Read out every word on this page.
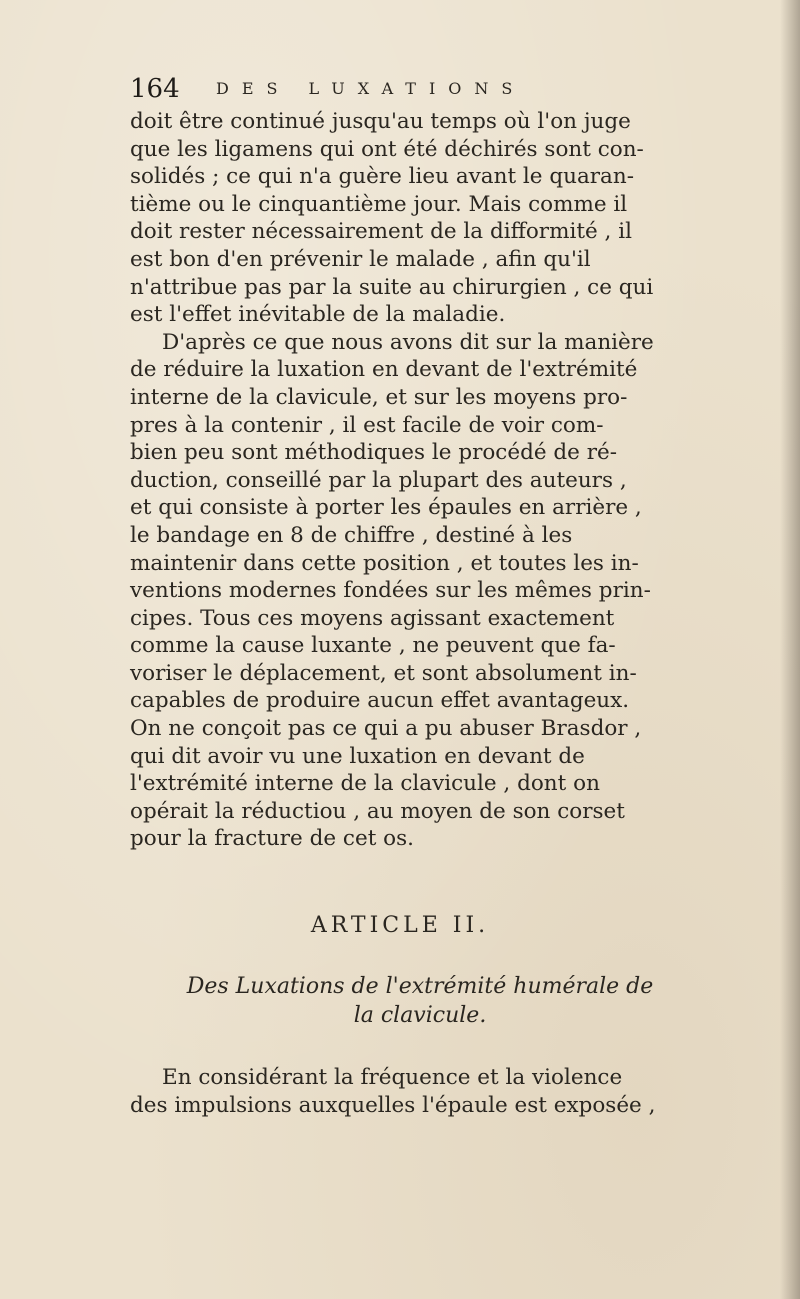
164 DES LUXATIONS
doit être continué jusqu'au temps où l'on juge
que les ligamens qui ont été déchirés sont con-
solidés ; ce qui n'a guère lieu avant le quaran-
tième ou le cinquantième jour. Mais comme il
doit rester nécessairement de la difformité , il
est bon d'en prévenir le malade , afin qu'il
n'attribue pas par la suite au chirurgien , ce qui
est l'effet inévitable de la maladie.
D'après ce que nous avons dit sur la manière
de réduire la luxation en devant de l'extrémité
interne de la clavicule, et sur les moyens pro-
pres à la contenir , il est facile de voir com-
bien peu sont méthodiques le procédé de ré-
duction, conseillé par la plupart des auteurs ,
et qui consiste à porter les épaules en arrière ,
le bandage en 8 de chiffre , destiné à les
maintenir dans cette position , et toutes les in-
ventions modernes fondées sur les mêmes prin-
cipes. Tous ces moyens agissant exactement
comme la cause luxante , ne peuvent que fa-
voriser le déplacement, et sont absolument in-
capables de produire aucun effet avantageux.
On ne conçoit pas ce qui a pu abuser Brasdor ,
qui dit avoir vu une luxation en devant de
l'extrémité interne de la clavicule , dont on
opérait la réductiou , au moyen de son corset
pour la fracture de cet os.
ARTICLE II.
Des Luxations de l'extrémité humérale de
la clavicule.
En considérant la fréquence et la violence
des impulsions auxquelles l'épaule est exposée ,
